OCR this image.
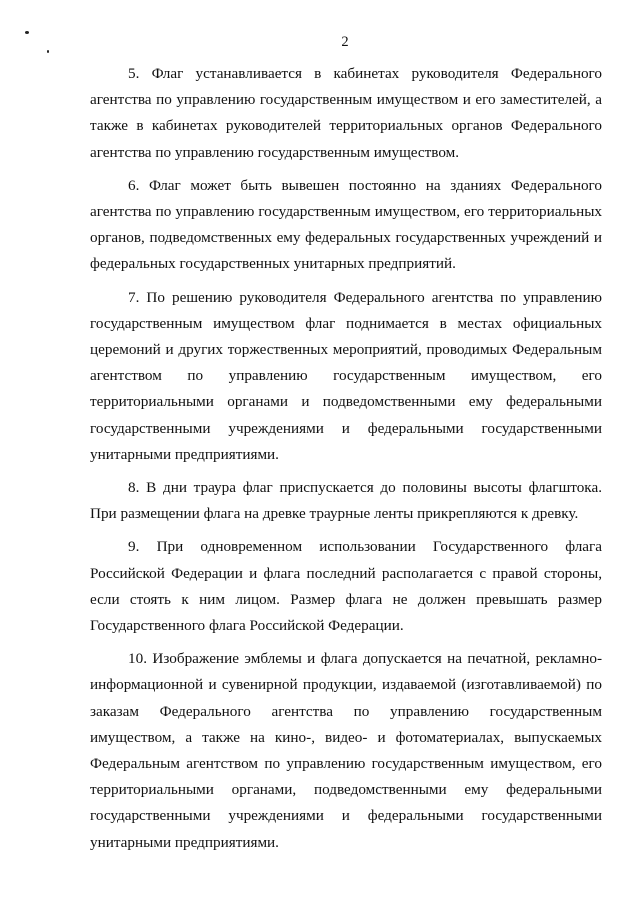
2

5. Флаг устанавливается в кабинетах руководителя Федерального агентства по управлению государственным имуществом и его заместителей, а также в кабинетах руководителей территориальных органов Федерального агентства по управлению государственным имуществом.

6. Флаг может быть вывешен постоянно на зданиях Федерального агентства по управлению государственным имуществом, его территориальных органов, подведомственных ему федеральных государственных учреждений и федеральных государственных унитарных предприятий.

7. По решению руководителя Федерального агентства по управлению государственным имуществом флаг поднимается в местах официальных церемоний и других торжественных мероприятий, проводимых Федеральным агентством по управлению государственным имуществом, его территориальными органами и подведомственными ему федеральными государственными учреждениями и федеральными государственными унитарными предприятиями.

8. В дни траура флаг приспускается до половины высоты флагштока. При размещении флага на древке траурные ленты прикрепляются к древку.

9. При одновременном использовании Государственного флага Российской Федерации и флага последний располагается с правой стороны, если стоять к ним лицом. Размер флага не должен превышать размер Государственного флага Российской Федерации.

10. Изображение эмблемы и флага допускается на печатной, рекламно-информационной и сувенирной продукции, издаваемой (изготавливаемой) по заказам Федерального агентства по управлению государственным имуществом, а также на кино-, видео- и фотоматериалах, выпускаемых Федеральным агентством по управлению государственным имуществом, его территориальными органами, подведомственными ему федеральными государственными учреждениями и федеральными государственными унитарными предприятиями.
